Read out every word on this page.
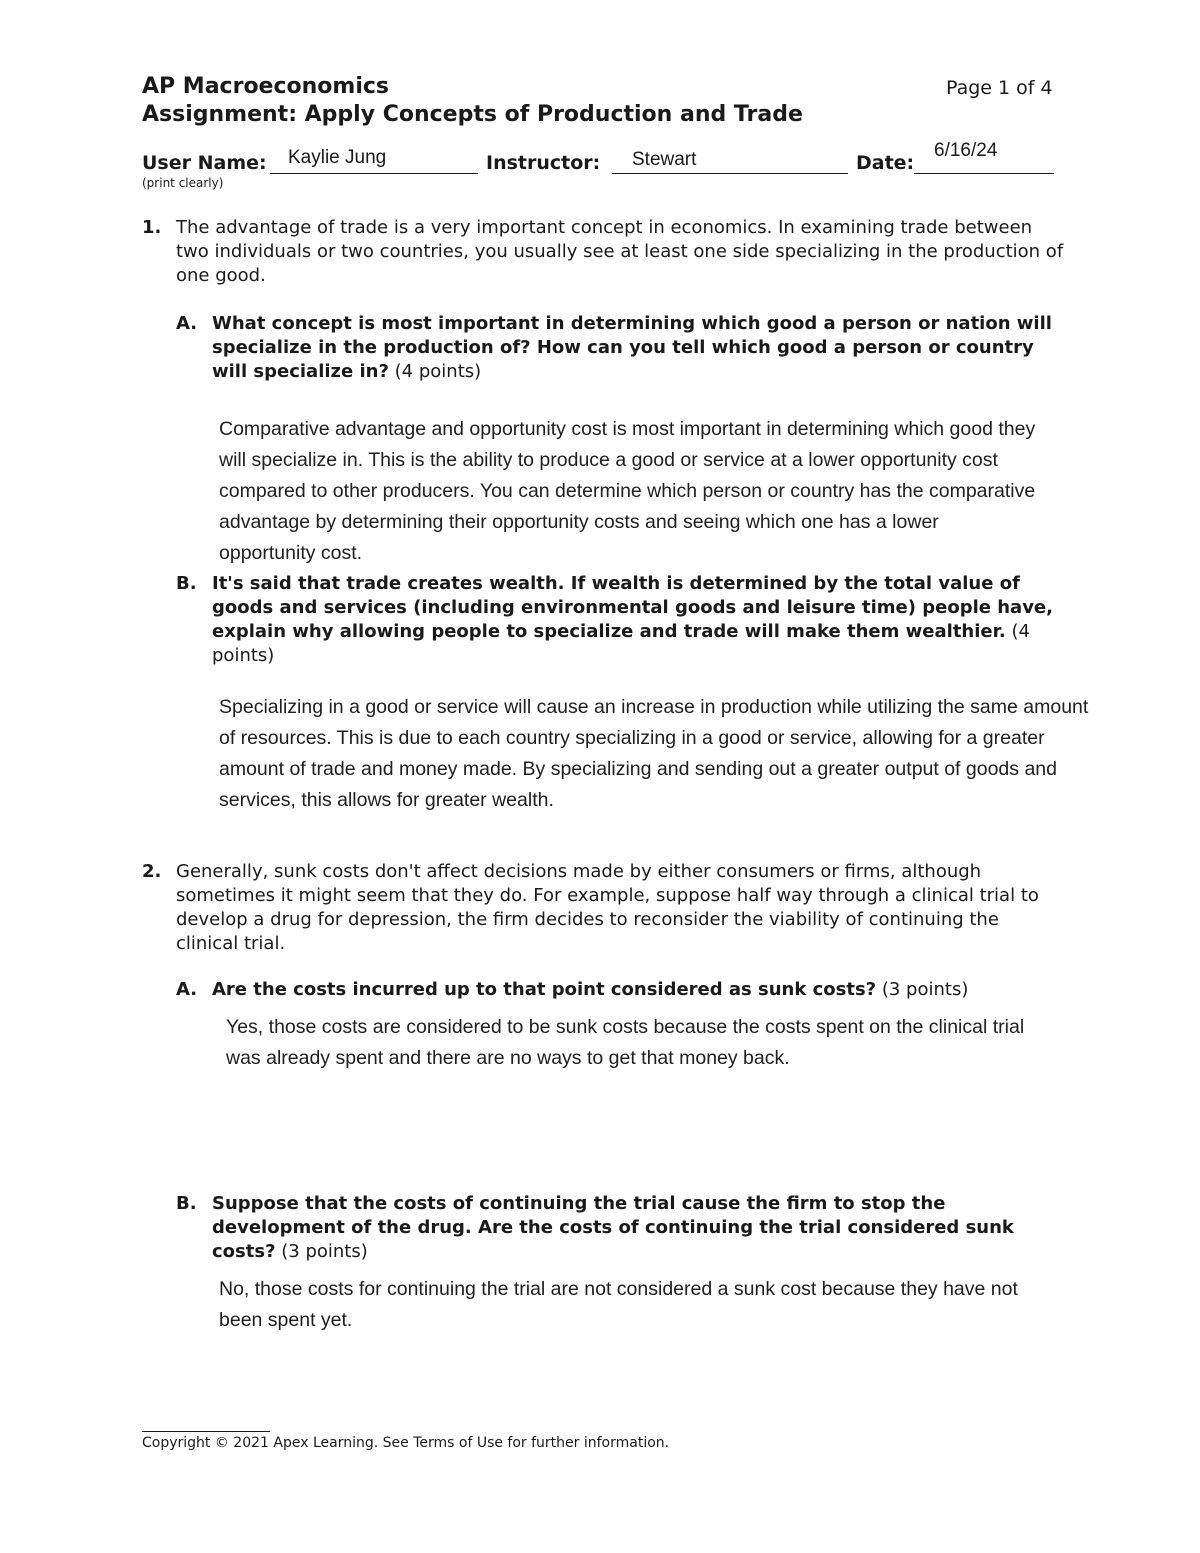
AP Macroeconomics	Page 1 of 4
Assignment: Apply Concepts of Production and Trade
User Name: Kaylie Jung
(print clearly)
Instructor: Stewart	Date:
6/16/24
1. The advantage of trade is a very important concept in economics. In examining trade between two individuals or two countries, you usually see at least one side specializing in the production of one good.

A. What concept is most important in determining which good a person or nation will specialize in the production of? How can you tell which good a person or country will specialize in? (4 points)

Comparative advantage and opportunity cost is most important in determining which good they will specialize in. This is the ability to produce a good or service at a lower opportunity cost compared to other producers. You can determine which person or country has the comparative advantage by determining their opportunity costs and seeing which one has a lower opportunity cost.

B. It's said that trade creates wealth. If wealth is determined by the total value of goods and services (including environmental goods and leisure time) people have, explain why allowing people to specialize and trade will make them wealthier. (4 points)

Specializing in a good or service will cause an increase in production while utilizing the same amount of resources. This is due to each country specializing in a good or service, allowing for a greater amount of trade and money made. By specializing and sending out a greater output of goods and services, this allows for greater wealth.

2. Generally, sunk costs don't affect decisions made by either consumers or firms, although sometimes it might seem that they do. For example, suppose half way through a clinical trial to develop a drug for depression, the firm decides to reconsider the viability of continuing the clinical trial.

A. Are the costs incurred up to that point considered as sunk costs? (3 points)

Yes, those costs are considered to be sunk costs because the costs spent on the clinical trial was already spent and there are no ways to get that money back.

B. Suppose that the costs of continuing the trial cause the firm to stop the development of the drug. Are the costs of continuing the trial considered sunk costs? (3 points)

No, those costs for continuing the trial are not considered a sunk cost because they have not been spent yet.

Copyright © 2021 Apex Learning. See Terms of Use for further information.
